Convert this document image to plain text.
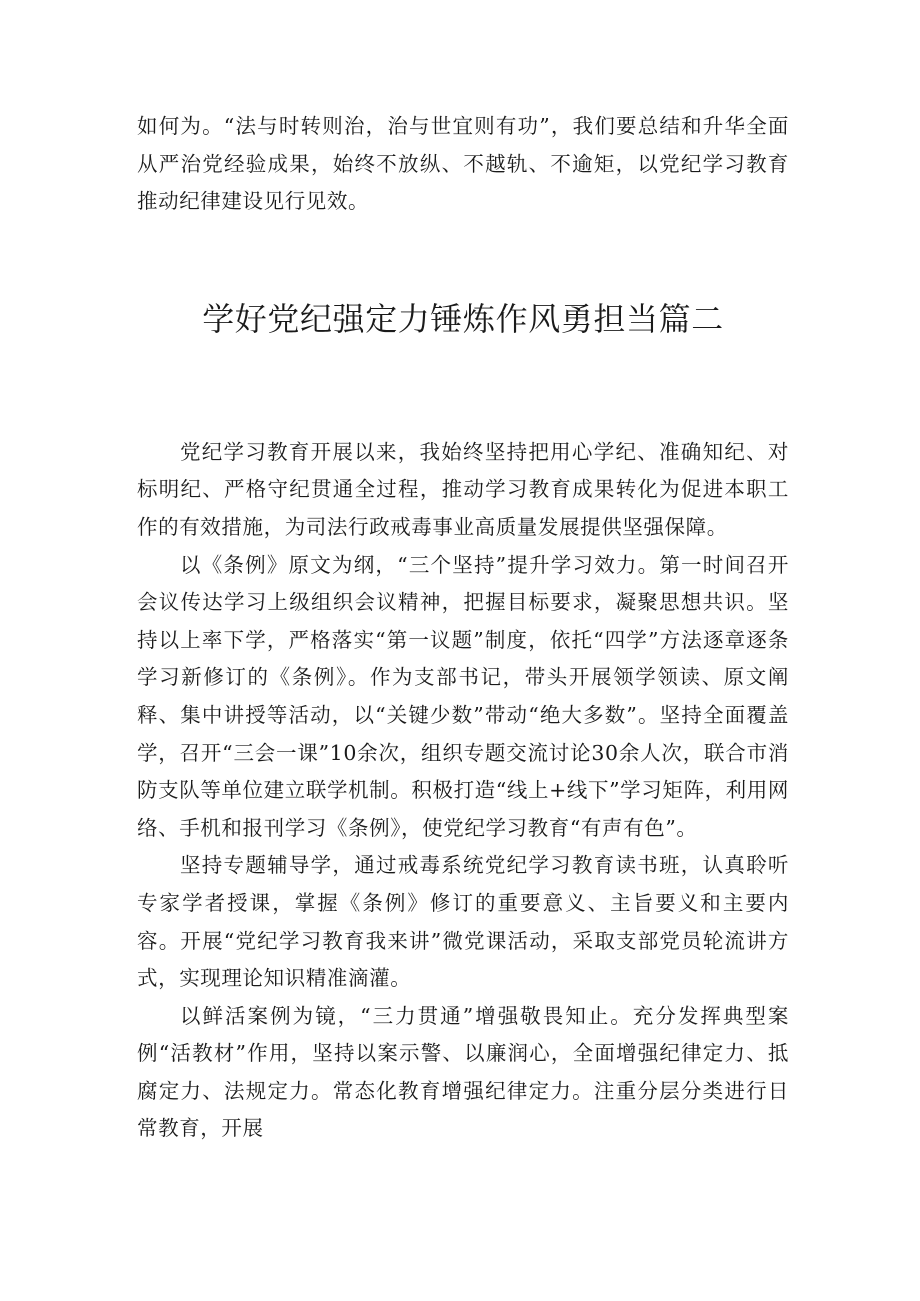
如何为。“法与时转则治，治与世宜则有功”，我们要总结和升华全面从严治党经验成果，始终不放纵、不越轨、不逾矩，以党纪学习教育推动纪律建设见行见效。

学好党纪强定力锤炼作风勇担当篇二

党纪学习教育开展以来，我始终坚持把用心学纪、准确知纪、对标明纪、严格守纪贯通全过程，推动学习教育成果转化为促进本职工作的有效措施，为司法行政戒毒事业高质量发展提供坚强保障。

以《条例》原文为纲，“三个坚持”提升学习效力。第一时间召开会议传达学习上级组织会议精神，把握目标要求，凝聚思想共识。坚持以上率下学，严格落实“第一议题”制度，依托“四学”方法逐章逐条学习新修订的《条例》。作为支部书记，带头开展领学领读、原文阐释、集中讲授等活动，以“关键少数”带动“绝大多数”。坚持全面覆盖学，召开“三会一课”10余次，组织专题交流讨论30余人次，联合市消防支队等单位建立联学机制。积极打造“线上+线下”学习矩阵，利用网络、手机和报刊学习《条例》，使党纪学习教育“有声有色”。

坚持专题辅导学，通过戒毒系统党纪学习教育读书班，认真聆听专家学者授课，掌握《条例》修订的重要意义、主旨要义和主要内容。开展“党纪学习教育我来讲”微党课活动，采取支部党员轮流讲方式，实现理论知识精准滴灌。

以鲜活案例为镜，“三力贯通”增强敬畏知止。充分发挥典型案例“活教材”作用，坚持以案示警、以廉润心，全面增强纪律定力、抵腐定力、法规定力。常态化教育增强纪律定力。注重分层分类进行日常教育，开展
